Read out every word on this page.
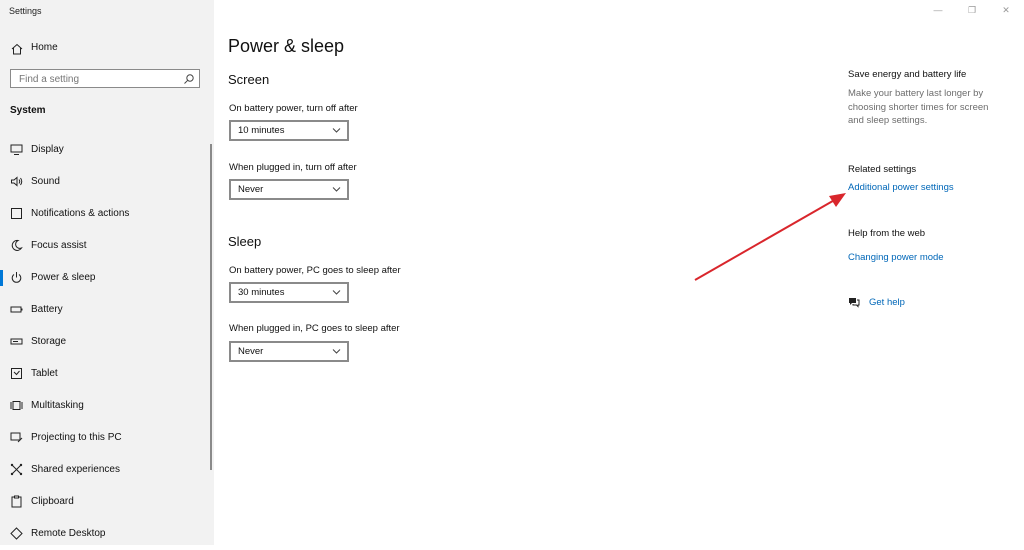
Settings
Home
Find a setting
System
Display
Sound
Notifications & actions
Focus assist
Power & sleep
Battery
Storage
Tablet
Multitasking
Projecting to this PC
Shared experiences
Clipboard
Remote Desktop
—	❐	✕
Power & sleep
Screen
On battery power, turn off after
10 minutes
When plugged in, turn off after
Never
Sleep
On battery power, PC goes to sleep after
30 minutes
When plugged in, PC goes to sleep after
Never
Save energy and battery life
Make your battery last longer by choosing shorter times for screen and sleep settings.
Related settings
Additional power settings
Help from the web
Changing power mode
Get help
